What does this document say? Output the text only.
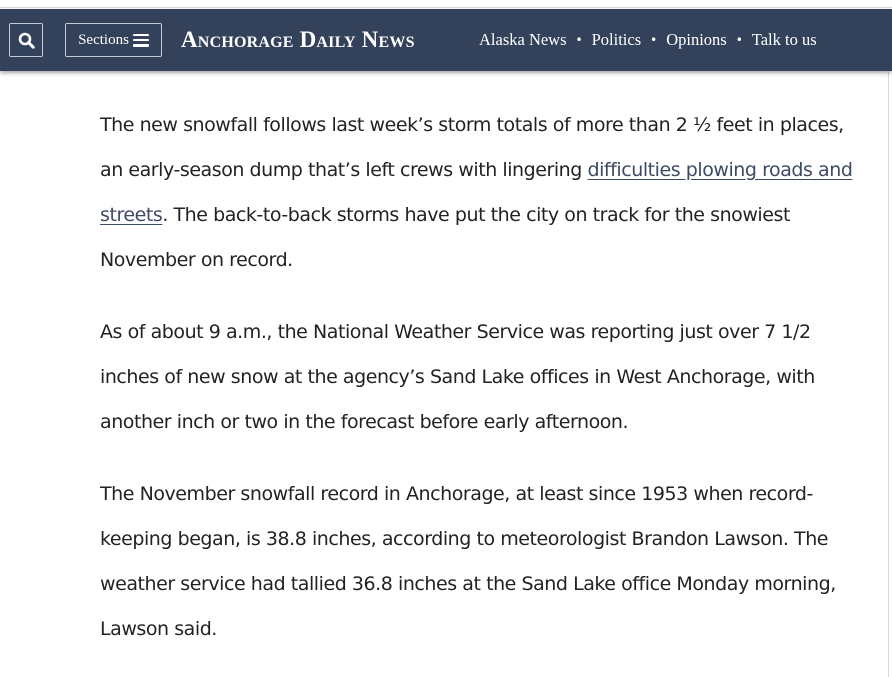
Sections Anchorage Daily News	Alaska News • Politics • Opinions • Talk to us

The new snowfall follows last week’s storm totals of more than 2 ½ feet in places, an early-season dump that’s left crews with lingering difficulties plowing roads and streets. The back-to-back storms have put the city on track for the snowiest November on record.

As of about 9 a.m., the National Weather Service was reporting just over 7 1/2 inches of new snow at the agency’s Sand Lake offices in West Anchorage, with another inch or two in the forecast before early afternoon.

The November snowfall record in Anchorage, at least since 1953 when record-keeping began, is 38.8 inches, according to meteorologist Brandon Lawson. The weather service had tallied 36.8 inches at the Sand Lake office Monday morning, Lawson said.
